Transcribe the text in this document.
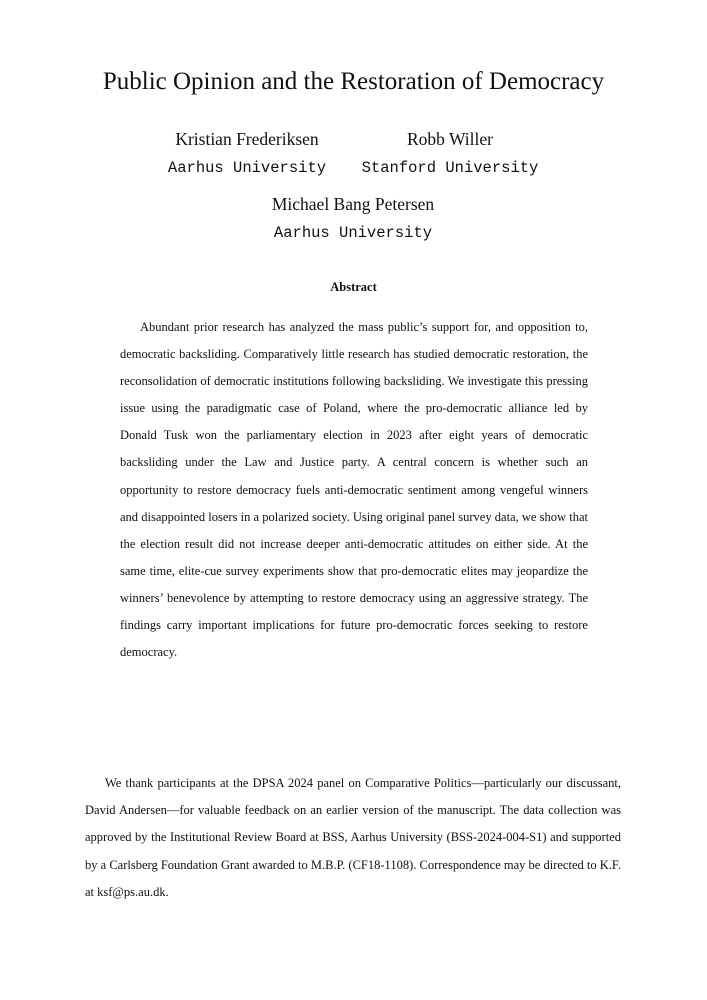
Public Opinion and the Restoration of Democracy
Kristian Frederiksen
Aarhus University
Robb Willer
Stanford University
Michael Bang Petersen
Aarhus University
Abstract

Abundant prior research has analyzed the mass public’s support for, and opposition to, democratic backsliding. Comparatively little research has studied democratic restoration, the reconsolidation of democratic institutions following backsliding. We investigate this pressing issue using the paradigmatic case of Poland, where the pro-democratic alliance led by Donald Tusk won the parliamentary election in 2023 after eight years of democratic backsliding under the Law and Justice party. A central concern is whether such an opportunity to restore democracy fuels anti-democratic sentiment among vengeful winners and disappointed losers in a polarized society. Using original panel survey data, we show that the election result did not increase deeper anti-democratic attitudes on either side. At the same time, elite-cue survey experiments show that pro-democratic elites may jeopardize the winners’ benevolence by attempting to restore democracy using an aggressive strategy. The findings carry important implications for future pro-democratic forces seeking to restore democracy.

We thank participants at the DPSA 2024 panel on Comparative Politics—particularly our discussant, David Andersen—for valuable feedback on an earlier version of the manuscript. The data collection was approved by the Institutional Review Board at BSS, Aarhus University (BSS-2024-004-S1) and supported by a Carlsberg Foundation Grant awarded to M.B.P. (CF18-1108). Correspondence may be directed to K.F. at ksf@ps.au.dk.
